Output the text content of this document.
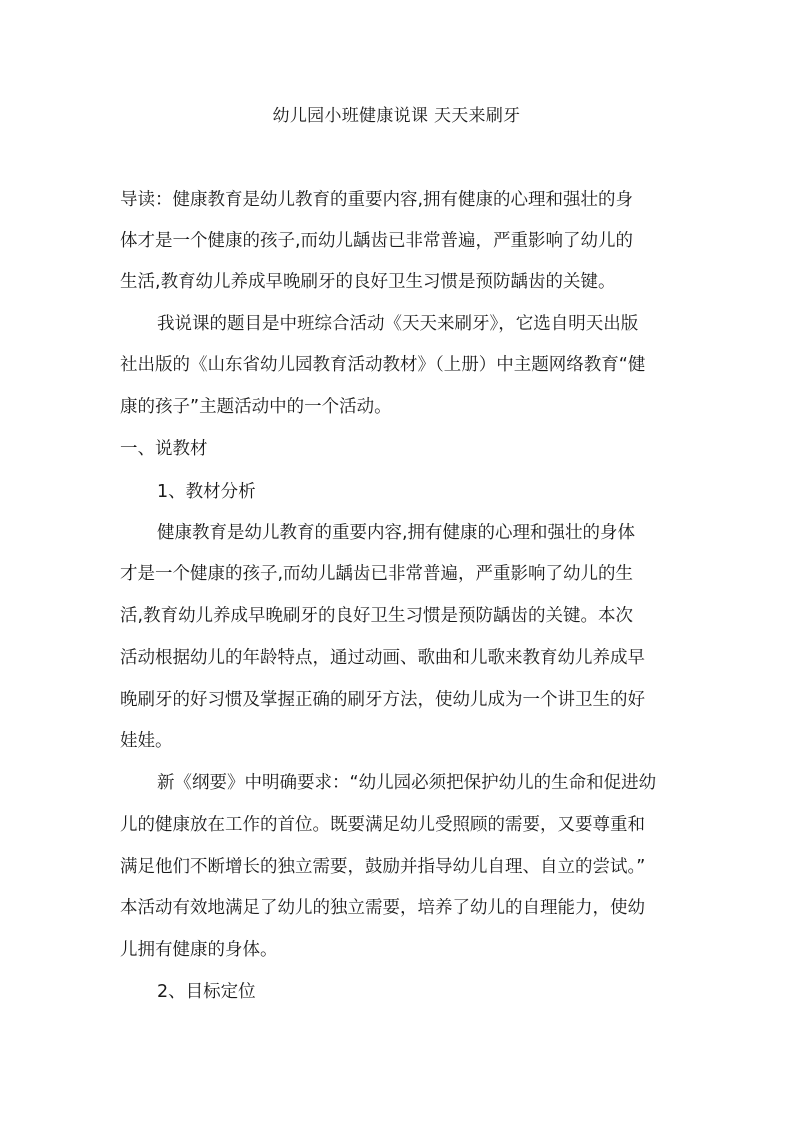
幼儿园小班健康说课 天天来刷牙
导读：健康教育是幼儿教育的重要内容,拥有健康的心理和强壮的身
体才是一个健康的孩子,而幼儿龋齿已非常普遍，严重影响了幼儿的
生活,教育幼儿养成早晚刷牙的良好卫生习惯是预防龋齿的关键。
我说课的题目是中班综合活动《天天来刷牙》，它选自明天出版
社出版的《山东省幼儿园教育活动教材》（上册）中主题网络教育“健
康的孩子”主题活动中的一个活动。
一、说教材
1、教材分析
健康教育是幼儿教育的重要内容,拥有健康的心理和强壮的身体
才是一个健康的孩子,而幼儿龋齿已非常普遍，严重影响了幼儿的生
活,教育幼儿养成早晚刷牙的良好卫生习惯是预防龋齿的关键。本次
活动根据幼儿的年龄特点，通过动画、歌曲和儿歌来教育幼儿养成早
晚刷牙的好习惯及掌握正确的刷牙方法，使幼儿成为一个讲卫生的好
娃娃。
新《纲要》中明确要求：“幼儿园必须把保护幼儿的生命和促进幼
儿的健康放在工作的首位。既要满足幼儿受照顾的需要，又要尊重和
满足他们不断增长的独立需要，鼓励并指导幼儿自理、自立的尝试。”
本活动有效地满足了幼儿的独立需要，培养了幼儿的自理能力，使幼
儿拥有健康的身体。
2、目标定位
